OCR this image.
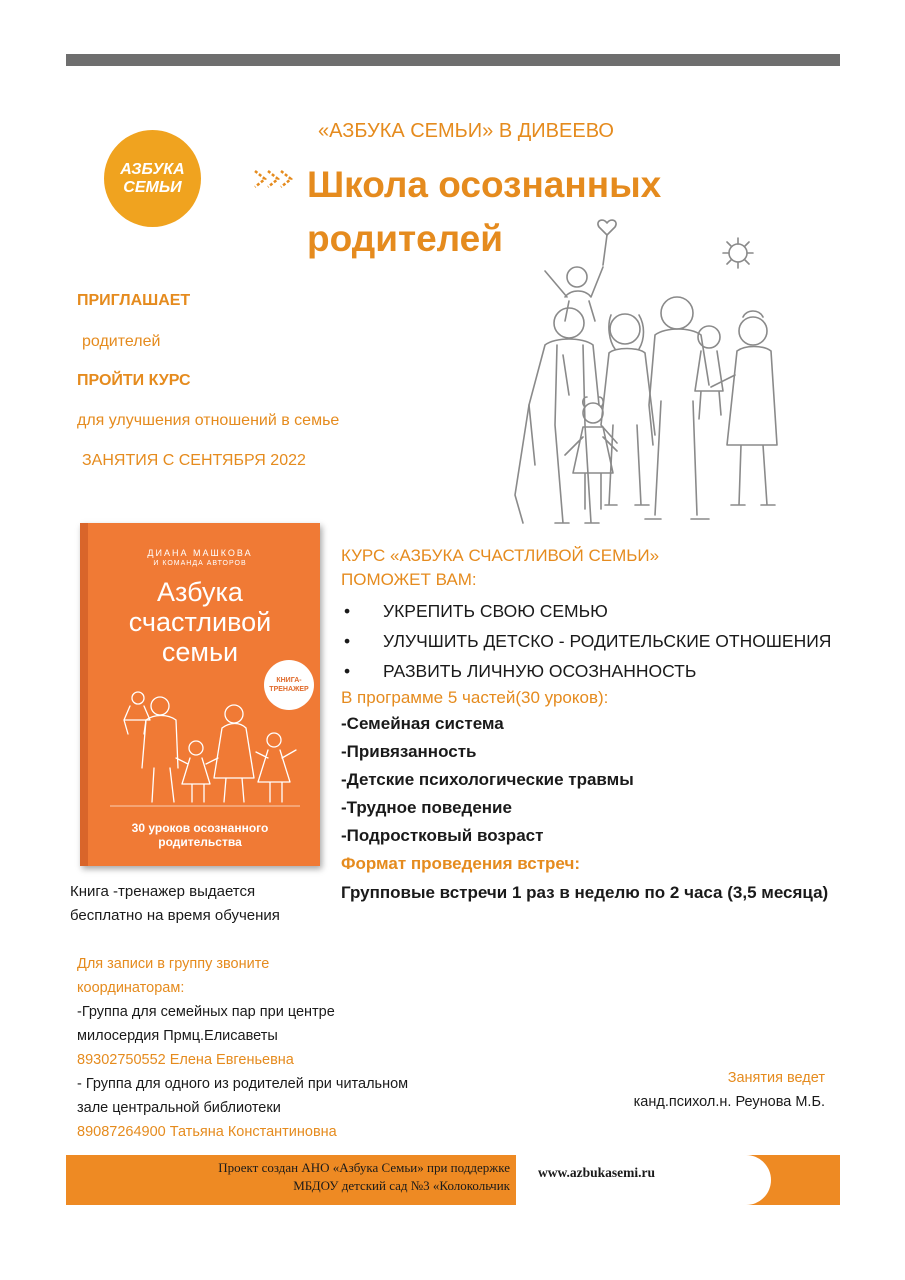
АЗБУКА
СЕМЬИ
«АЗБУКА СЕМЬИ» В ДИВЕЕВО
Школа осознанных
родителей
ПРИГЛАШАЕТ
родителей
ПРОЙТИ КУРС
для улучшения отношений в семье
ЗАНЯТИЯ С СЕНТЯБРЯ 2022
ДИАНА МАШКОВА
И КОМАНДА АВТОРОВ
Азбука
счастливой
семьи
КНИГА-
ТРЕНАЖЕР
30 уроков осознанного
родительства
Книга -тренажер выдается
бесплатно на время обучения
КУРС «АЗБУКА СЧАСТЛИВОЙ СЕМЬИ»
ПОМОЖЕТ ВАМ:
• УКРЕПИТЬ СВОЮ СЕМЬЮ
• УЛУЧШИТЬ ДЕТСКО - РОДИТЕЛЬСКИЕ ОТНОШЕНИЯ
• РАЗВИТЬ ЛИЧНУЮ ОСОЗНАННОСТЬ
В программе 5 частей(30 уроков):
-Семейная система
-Привязанность
-Детские психологические травмы
-Трудное поведение
-Подростковый возраст
Формат проведения встреч:
Групповые встречи 1 раз в неделю по 2 часа (3,5 месяца)
Для записи в группу звоните
координаторам:
-Группа для семейных пар при центре
милосердия Прмц.Елисаветы
89302750552 Елена Евгеньевна
- Группа для одного из родителей при читальном
зале центральной библиотеки
89087264900 Татьяна Константиновна
Занятия ведет
канд.психол.н. Реунова М.Б.
Проект создан АНО «Азбука Семьи» при поддержке
МБДОУ детский сад №3 «Колокольчик
www.azbukasemi.ru
